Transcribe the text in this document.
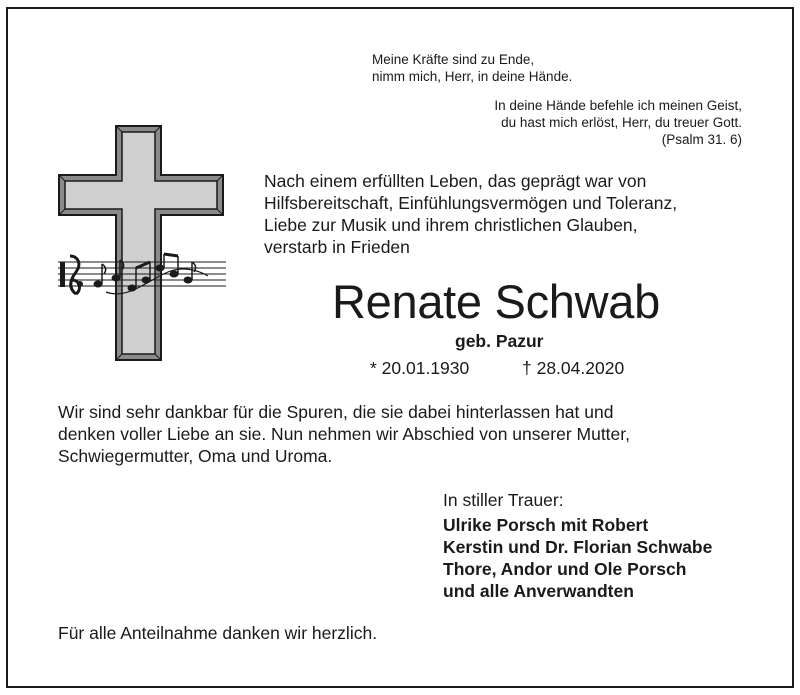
Meine Kräfte sind zu Ende,
nimm mich, Herr, in deine Hände.
In deine Hände befehle ich meinen Geist,
du hast mich erlöst, Herr, du treuer Gott.
(Psalm 31. 6)
Nach einem erfüllten Leben, das geprägt war von
Hilfsbereitschaft, Einfühlungsvermögen und Toleranz,
Liebe zur Musik und ihrem christlichen Glauben,
verstarb in Frieden
Renate Schwab
geb. Pazur
* 20.01.1930	† 28.04.2020
Wir sind sehr dankbar für die Spuren, die sie dabei hinterlassen hat und
denken voller Liebe an sie. Nun nehmen wir Abschied von unserer Mutter,
Schwiegermutter, Oma und Uroma.
In stiller Trauer:
Ulrike Porsch mit Robert
Kerstin und Dr. Florian Schwabe
Thore, Andor und Ole Porsch
und alle Anverwandten
Für alle Anteilnahme danken wir herzlich.
